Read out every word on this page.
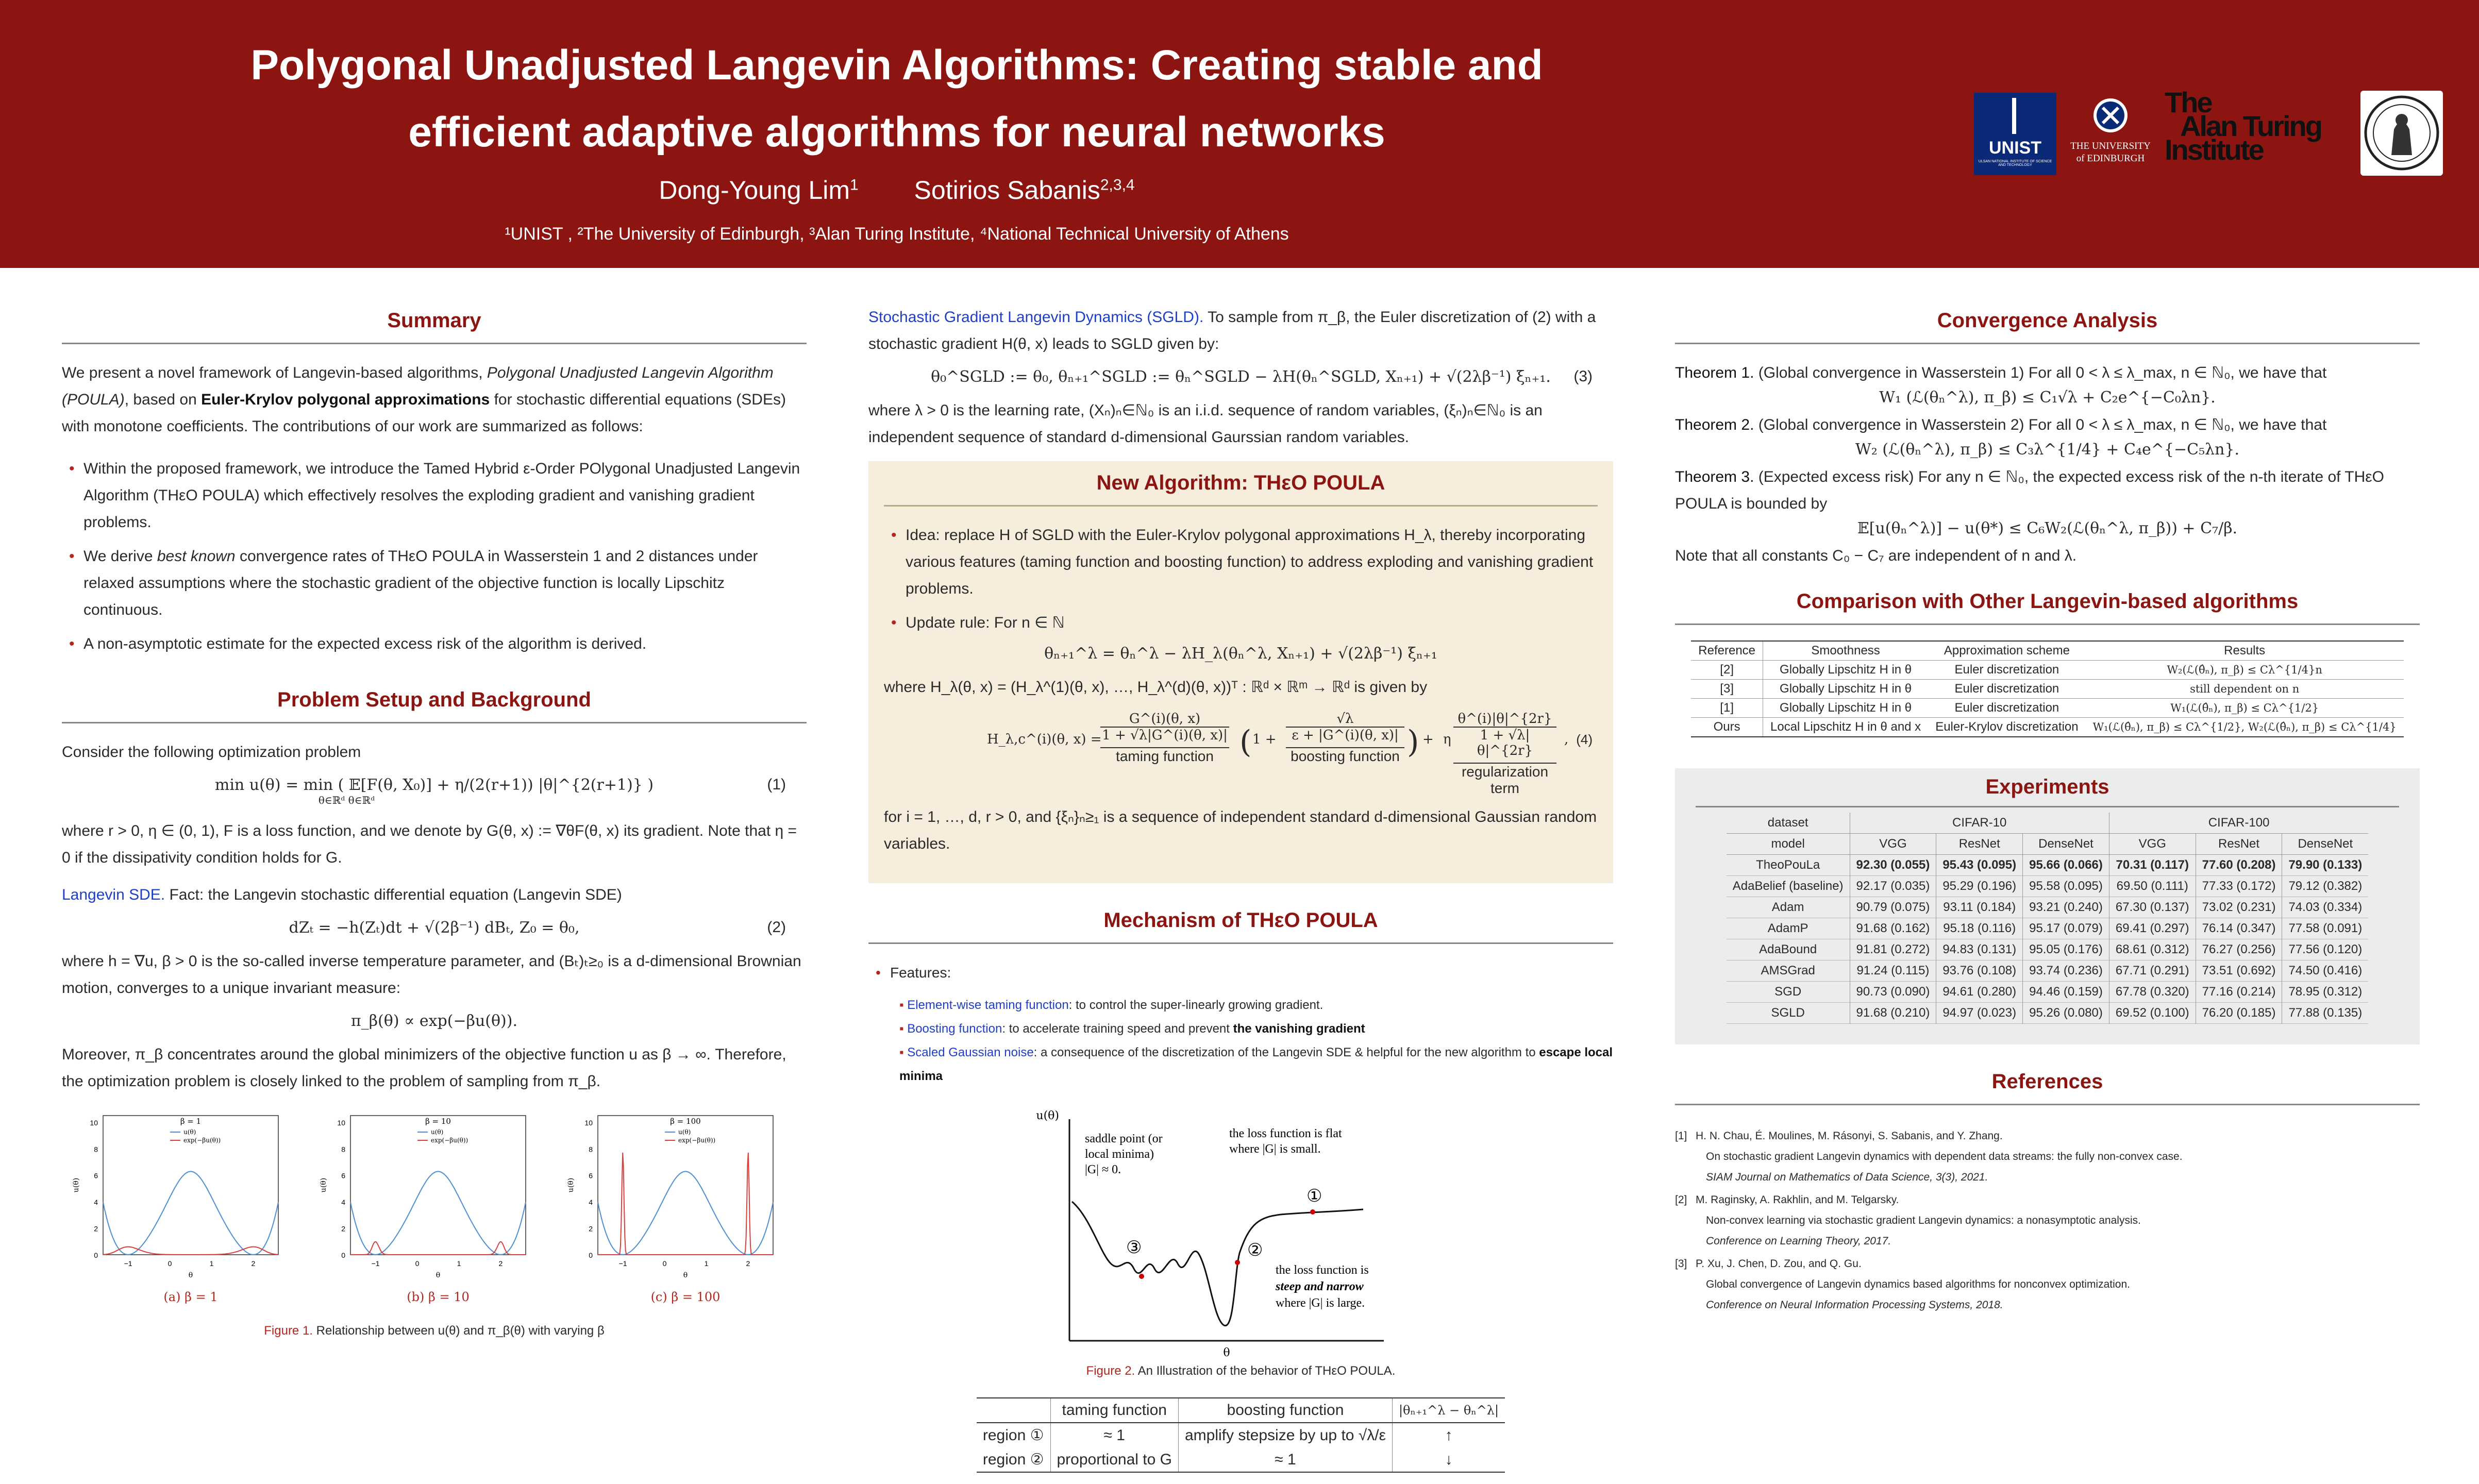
Polygonal Unadjusted Langevin Algorithms: Creating stable and
efficient adaptive algorithms for neural networks
Dong-Young Lim$^1$ Sotirios Sabanis$^{2,3,4}$
¹UNIST , ²The University of Edinburgh, ³Alan Turing Institute, ⁴National Technical University of Athens
UNIST
ULSAN NATIONAL INSTITUTE OF SCIENCE AND TECHNOLOGY
THE UNIVERSITY of EDINBURGH
The
Alan Turing
Institute
Summary

We present a novel framework of Langevin-based algorithms, Polygonal Unadjusted Langevin Algorithm (POULA), based on Euler-Krylov polygonal approximations for stochastic differential equations (SDEs) with monotone coefficients. The contributions of our work are summarized as follows:

• Within the proposed framework, we introduce the Tamed Hybrid ε-Order POlygonal Unadjusted Langevin Algorithm (THεO POULA) which effectively resolves the exploding gradient and vanishing gradient problems.
• We derive best known convergence rates of THεO POULA in Wasserstein 1 and 2 distances under relaxed assumptions where the stochastic gradient of the objective function is locally Lipschitz continuous.
• A non-asymptotic estimate for the expected excess risk of the algorithm is derived.
Problem Setup and Background

Consider the following optimization problem

min u(θ) = min ( 𝔼[F(θ, X₀)] + η/(2(r+1)) |θ|^{2(r+1)} )
θ∈ℝᵈ θ∈ℝᵈ
(1)

where r > 0, η ∈ (0, 1), F is a loss function, and we denote by G(θ, x) := ∇θF(θ, x) its gradient. Note that η = 0 if the dissipativity condition holds for G.

Langevin SDE. Fact: the Langevin stochastic differential equation (Langevin SDE)

dZₜ = −h(Zₜ)dt + √(2β⁻¹) dBₜ, Z₀ = θ₀,	(2)

where h = ∇u, β > 0 is the so-called inverse temperature parameter, and (Bₜ)ₜ≥₀ is a d-dimensional Brownian motion, converges to a unique invariant measure:

π_β(θ) ∝ exp(−βu(θ)).

Moreover, π_β concentrates around the global minimizers of the objective function u as β → ∞. Therefore, the optimization problem is closely linked to the problem of sampling from π_β.

10
8
6
4
2
0
−1	0	1	2
β = 1
u(θ)
exp(−βu(θ))
u(θ)
θ
(a) β = 1
10
8
6
4
2
0
−1	0	1	2
β = 10
u(θ)
exp(−βu(θ))
u(θ)
θ
(b) β = 10
10
8
6
4
2
0
−1	0	1	2
β = 100
u(θ)
exp(−βu(θ))
u(θ)
θ
(c) β = 100
Figure 1. Relationship between u(θ) and π_β(θ) with varying β

Stochastic Gradient Langevin Dynamics (SGLD). To sample from π_β, the Euler discretization of (2) with a stochastic gradient H(θ, x) leads to SGLD given by:

θ₀^SGLD := θ₀, θₙ₊₁^SGLD := θₙ^SGLD − λH(θₙ^SGLD, Xₙ₊₁) + √(2λβ⁻¹) ξₙ₊₁. (3)

where λ > 0 is the learning rate, (Xₙ)ₙ∈ℕ₀ is an i.i.d. sequence of random variables, (ξₙ)ₙ∈ℕ₀ is an independent sequence of standard d-dimensional Gaurssian random variables.

New Algorithm: THεO POULA
• Idea: replace H of SGLD with the Euler-Krylov polygonal approximations H_λ, thereby incorporating various features (taming function and boosting function) to address exploding and vanishing gradient problems.
• Update rule: For n ∈ ℕ
θₙ₊₁^λ = θₙ^λ − λH_λ(θₙ^λ, Xₙ₊₁) + √(2λβ⁻¹) ξₙ₊₁

where H_λ(θ, x) = (H_λ^(1)(θ, x), …, H_λ^(d)(θ, x))ᵀ : ℝᵈ × ℝᵐ → ℝᵈ is given by

H_λ,c^(i)(θ, x) =
G^(i)(θ, x)
1 + √λ|G^(i)(θ, x)|
taming function ( 1 +
√λ
ε + |G^(i)(θ, x)|
boosting function ) + η
θ^(i)|θ|^{2r}
1 + √λ|θ|^{2r}
regularization term
, (4)

for i = 1, …, d, r > 0, and {ξₙ}ₙ≥₁ is a sequence of independent standard d-dimensional Gaussian random variables.

Mechanism of THεO POULA
• Features:
▪ Element-wise taming function: to control the super-linearly growing gradient.
▪ Boosting function: to accelerate training speed and prevent the vanishing gradient
▪ Scaled Gaussian noise: a consequence of the discretization of the Langevin SDE & helpful for the new algorithm to escape local minima
u(θ)
θ
saddle point (or
local minima)
|G| ≈ 0.
the loss function is flat
where |G| is small.
the loss function is
steep and narrow
where |G| is large.
①
②
③
Figure 2. An Illustration of the behavior of THεO POULA.
	taming function	boosting function	|θₙ₊₁^λ − θₙ^λ|
region ①	≈ 1	amplify stepsize by up to √λ/ε	↑
region ②	proportional to G	≈ 1	↓
Convergence Analysis

Theorem 1. (Global convergence in Wasserstein 1) For all 0 < λ ≤ λ_max, n ∈ ℕ₀, we have that

W₁ (ℒ(θₙ^λ), π_β) ≤ C₁√λ + C₂e^{−C₀λn}.

Theorem 2. (Global convergence in Wasserstein 2) For all 0 < λ ≤ λ_max, n ∈ ℕ₀, we have that

W₂ (ℒ(θₙ^λ), π_β) ≤ C₃λ^{1/4} + C₄e^{−C₅λn}.

Theorem 3. (Expected excess risk) For any n ∈ ℕ₀, the expected excess risk of the n-th iterate of THεO POULA is bounded by

𝔼[u(θₙ^λ)] − u(θ*) ≤ C₆W₂(ℒ(θₙ^λ, π_β)) + C₇/β.

Note that all constants C₀ − C₇ are independent of n and λ.

Comparison with Other Langevin-based algorithms
Reference	Smoothness	Approximation scheme	Results
[2]	Globally Lipschitz H in θ	Euler discretization	W₂(ℒ(θ̂ₙ), π_β) ≤ Cλ^{1/4}n
[3]	Globally Lipschitz H in θ	Euler discretization	still dependent on n
[1]	Globally Lipschitz H in θ	Euler discretization	W₁(ℒ(θ̂ₙ), π_β) ≤ Cλ^{1/2}
Ours	Local Lipschitz H in θ and x	Euler-Krylov discretization	W₁(ℒ(θ̂ₙ), π_β) ≤ Cλ^{1/2}, W₂(ℒ(θ̂ₙ), π_β) ≤ Cλ^{1/4}
Experiments
dataset	CIFAR-10			CIFAR-100		
model	VGG	ResNet	DenseNet	VGG	ResNet	DenseNet
TheoPouLa	92.30 (0.055)	95.43 (0.095)	95.66 (0.066)	70.31 (0.117)	77.60 (0.208)	79.90 (0.133)
AdaBelief (baseline)	92.17 (0.035)	95.29 (0.196)	95.58 (0.095)	69.50 (0.111)	77.33 (0.172)	79.12 (0.382)
Adam	90.79 (0.075)	93.11 (0.184)	93.21 (0.240)	67.30 (0.137)	73.02 (0.231)	74.03 (0.334)
AdamP	91.68 (0.162)	95.18 (0.116)	95.17 (0.079)	69.41 (0.297)	76.14 (0.347)	77.58 (0.091)
AdaBound	91.81 (0.272)	94.83 (0.131)	95.05 (0.176)	68.61 (0.312)	76.27 (0.256)	77.56 (0.120)
AMSGrad	91.24 (0.115)	93.76 (0.108)	93.74 (0.236)	67.71 (0.291)	73.51 (0.692)	74.50 (0.416)
SGD	90.73 (0.090)	94.61 (0.280)	94.46 (0.159)	67.78 (0.320)	77.16 (0.214)	78.95 (0.312)
SGLD	91.68 (0.210)	94.97 (0.023)	95.26 (0.080)	69.52 (0.100)	76.20 (0.185)	77.88 (0.135)
References

[1] H. N. Chau, É. Moulines, M. Rásonyi, S. Sabanis, and Y. Zhang.

On stochastic gradient Langevin dynamics with dependent data streams: the fully non-convex case.

SIAM Journal on Mathematics of Data Science, 3(3), 2021.

[2] M. Raginsky, A. Rakhlin, and M. Telgarsky.

Non-convex learning via stochastic gradient Langevin dynamics: a nonasymptotic analysis.

Conference on Learning Theory, 2017.

[3] P. Xu, J. Chen, D. Zou, and Q. Gu.

Global convergence of Langevin dynamics based algorithms for nonconvex optimization.

Conference on Neural Information Processing Systems, 2018.
